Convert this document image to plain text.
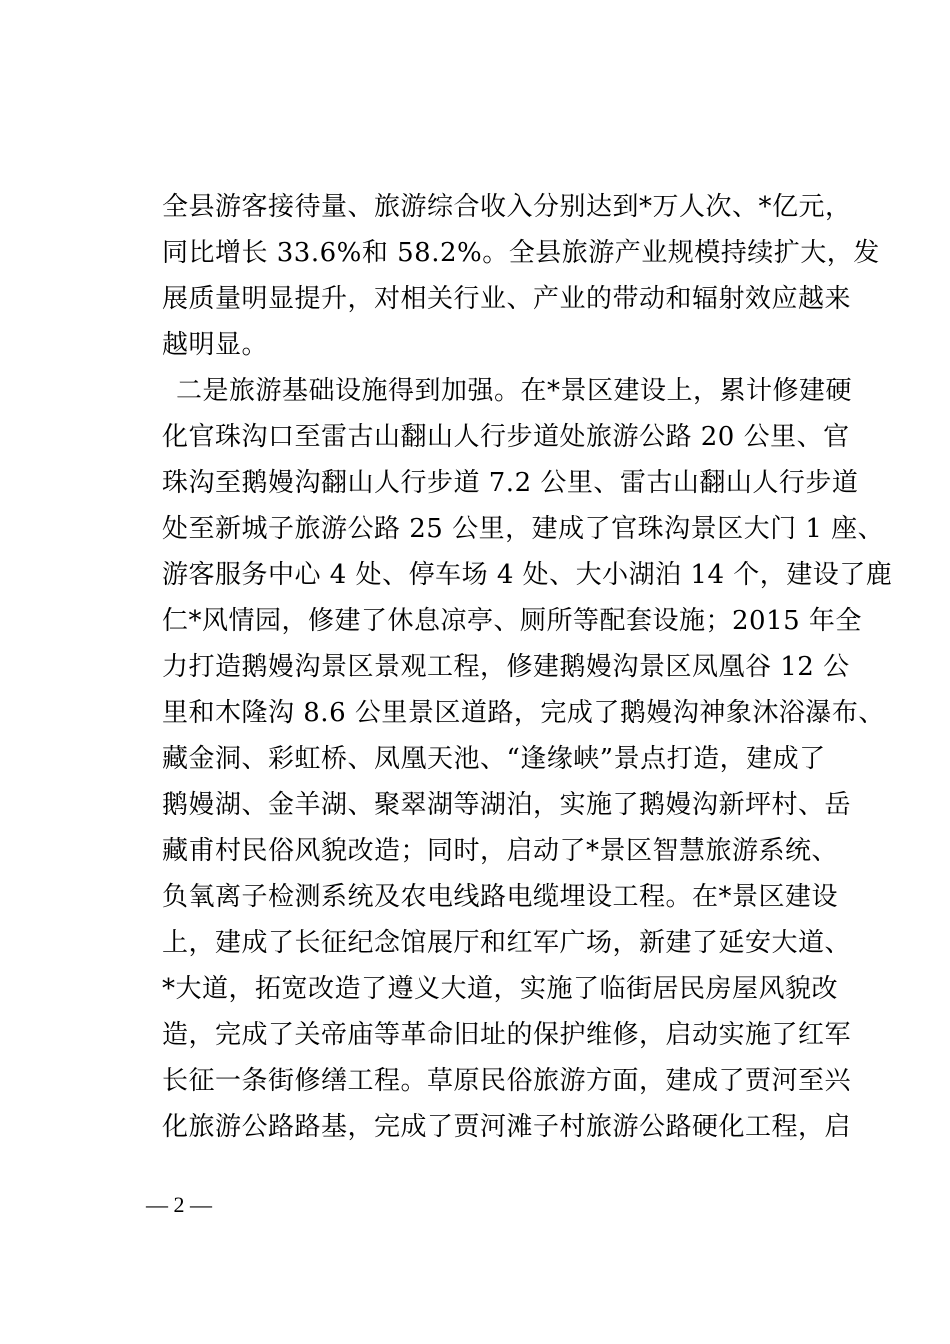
全县游客接待量、旅游综合收入分别达到*万人次、*亿元，
同比增长 33.6%和 58.2%。全县旅游产业规模持续扩大，发
展质量明显提升，对相关行业、产业的带动和辐射效应越来
越明显。
二是旅游基础设施得到加强。在*景区建设上，累计修建硬
化官珠沟口至雷古山翻山人行步道处旅游公路 20 公里、官
珠沟至鹅嫚沟翻山人行步道 7.2 公里、雷古山翻山人行步道
处至新城子旅游公路 25 公里，建成了官珠沟景区大门 1 座、
游客服务中心 4 处、停车场 4 处、大小湖泊 14 个，建设了鹿
仁*风情园，修建了休息凉亭、厕所等配套设施；2015 年全
力打造鹅嫚沟景区景观工程，修建鹅嫚沟景区凤凰谷 12 公
里和木隆沟 8.6 公里景区道路，完成了鹅嫚沟神象沐浴瀑布、
藏金洞、彩虹桥、凤凰天池、“逢缘峡”景点打造，建成了
鹅嫚湖、金羊湖、聚翠湖等湖泊，实施了鹅嫚沟新坪村、岳
藏甫村民俗风貌改造；同时，启动了*景区智慧旅游系统、
负氧离子检测系统及农电线路电缆埋设工程。在*景区建设
上，建成了长征纪念馆展厅和红军广场，新建了延安大道、
*大道，拓宽改造了遵义大道，实施了临街居民房屋风貌改
造，完成了关帝庙等革命旧址的保护维修，启动实施了红军
长征一条街修缮工程。草原民俗旅游方面，建成了贾河至兴
化旅游公路路基，完成了贾河滩子村旅游公路硬化工程，启
— 2 —
